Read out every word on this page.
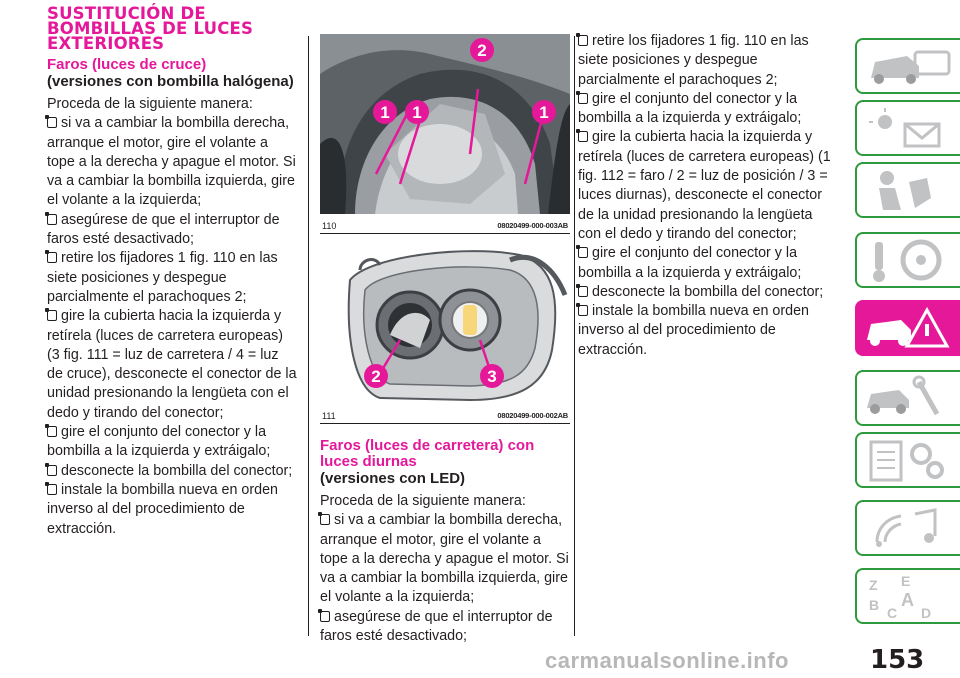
SUSTITUCIÓN DE BOMBILLAS DE LUCES EXTERIORES
Faros (luces de cruce)
(versiones con bombilla halógena)

Proceda de la siguiente manera:

si va a cambiar la bombilla derecha, arranque el motor, gire el volante a tope a la derecha y apague el motor. Si va a cambiar la bombilla izquierda, gire el volante a la izquierda;
asegúrese de que el interruptor de faros esté desactivado;
retire los fijadores 1 fig. 110 en las siete posiciones y despegue parcialmente el parachoques 2;
gire la cubierta hacia la izquierda y retírela (luces de carretera europeas) (3 fig. 111 = luz de carretera / 4 = luz de cruce), desconecte el conector de la unidad presionando la lengüeta con el dedo y tirando del conector;
gire el conjunto del conector y la bombilla a la izquierda y extráigalo;
desconecte la bombilla del conector;
instale la bombilla nueva en orden inverso al del procedimiento de extracción.
1 1	1
2
110	08020499-000-003AB
2	3
111	08020499-000-002AB
Faros (luces de carretera) con luces diurnas
(versiones con LED)

Proceda de la siguiente manera:

si va a cambiar la bombilla derecha, arranque el motor, gire el volante a tope a la derecha y apague el motor. Si va a cambiar la bombilla izquierda, gire el volante a la izquierda;
asegúrese de que el interruptor de faros esté desactivado;
retire los fijadores 1 fig. 110 en las siete posiciones y despegue parcialmente el parachoques 2;
gire el conjunto del conector y la bombilla a la izquierda y extráigalo;
gire la cubierta hacia la izquierda y retírela (luces de carretera europeas) (1 fig. 112 = faro / 2 = luz de posición / 3 = luces diurnas), desconecte el conector de la unidad presionando la lengüeta con el dedo y tirando del conector;
gire el conjunto del conector y la bombilla a la izquierda y extráigalo;
desconecte la bombilla del conector;
instale la bombilla nueva en orden inverso al del procedimiento de extracción.
Z E
B C
A
D
153
carmanualsonline.info
